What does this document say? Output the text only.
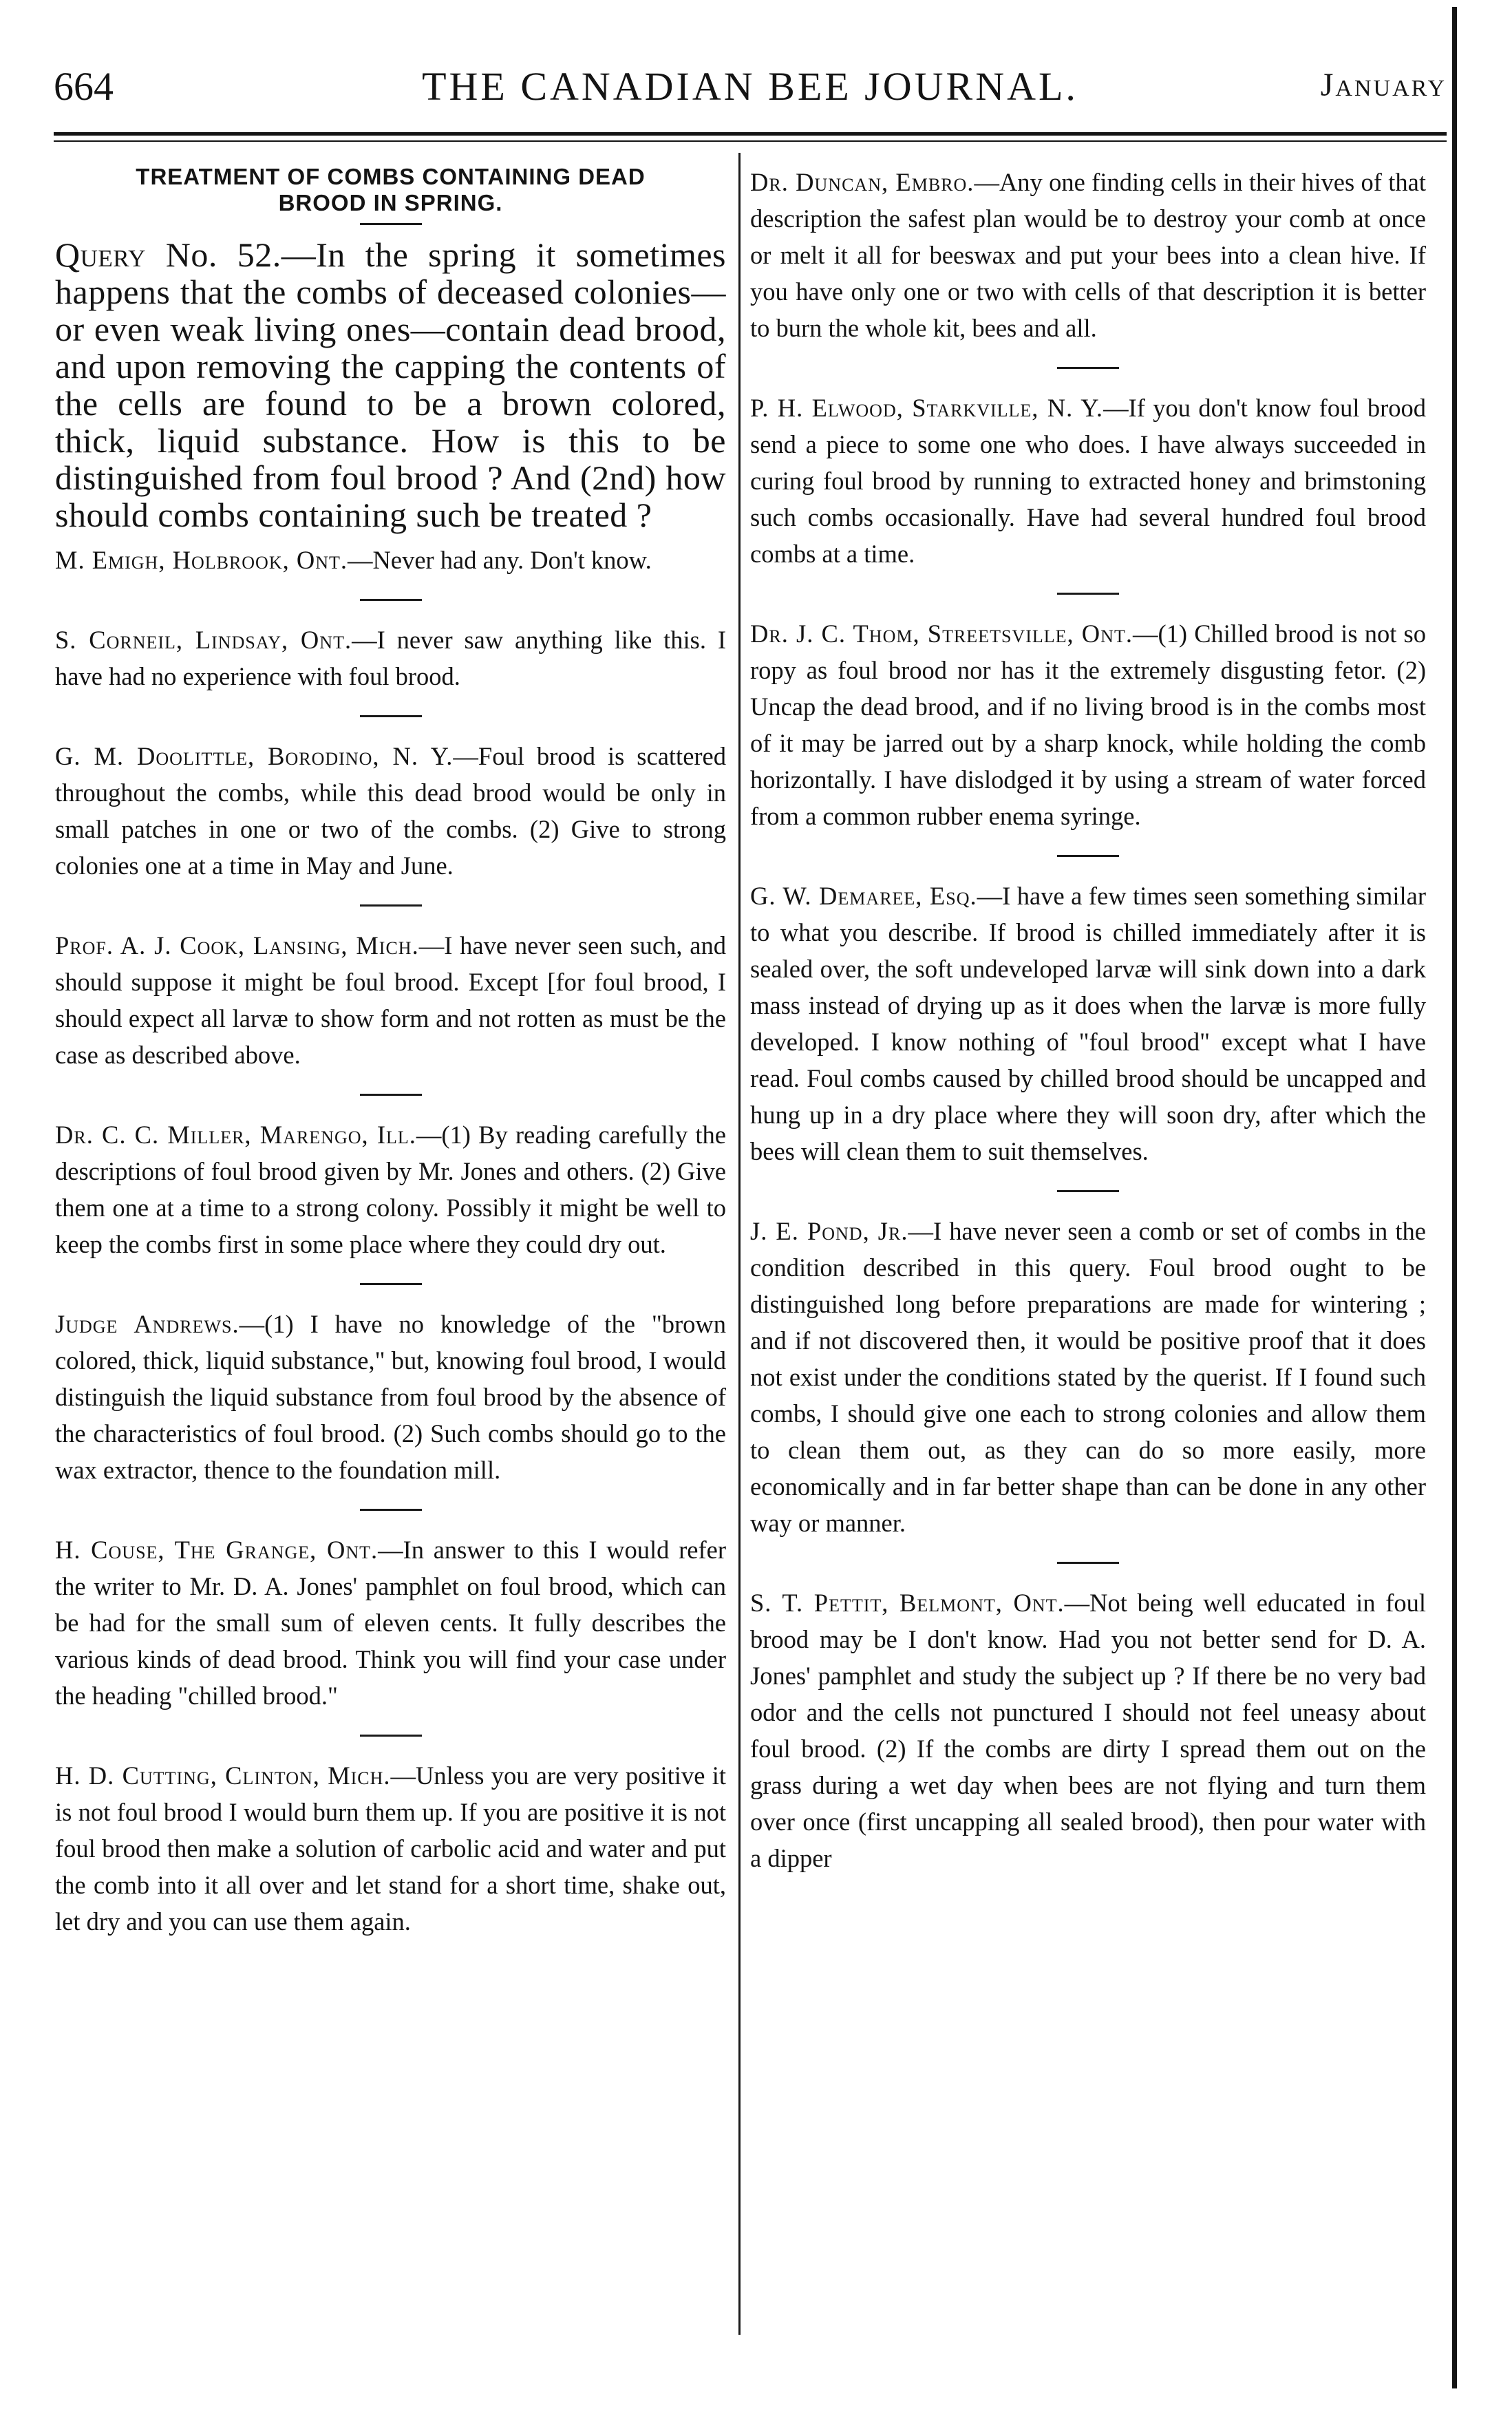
664	THE CANADIAN BEE JOURNAL.	January
TREATMENT OF COMBS CONTAINING DEAD
BROOD IN SPRING.

Query No. 52.—In the spring it sometimes happens that the combs of deceased colonies—or even weak living ones—contain dead brood, and upon removing the capping the contents of the cells are found to be a brown colored, thick, liquid substance. How is this to be distinguished from foul brood ? And (2nd) how should combs containing such be treated ?

M. Emigh, Holbrook, Ont.—Never had any. Don't know.

S. Corneil, Lindsay, Ont.—I never saw anything like this. I have had no experience with foul brood.

G. M. Doolittle, Borodino, N. Y.—Foul brood is scattered throughout the combs, while this dead brood would be only in small patches in one or two of the combs. (2) Give to strong colonies one at a time in May and June.

Prof. A. J. Cook, Lansing, Mich.—I have never seen such, and should suppose it might be foul brood. Except [for foul brood, I should expect all larvæ to show form and not rotten as must be the case as described above.

Dr. C. C. Miller, Marengo, Ill.—(1) By reading carefully the descriptions of foul brood given by Mr. Jones and others. (2) Give them one at a time to a strong colony. Possibly it might be well to keep the combs first in some place where they could dry out.

Judge Andrews.—(1) I have no knowledge of the "brown colored, thick, liquid substance," but, knowing foul brood, I would distinguish the liquid substance from foul brood by the absence of the characteristics of foul brood. (2) Such combs should go to the wax extractor, thence to the foundation mill.

H. Couse, The Grange, Ont.—In answer to this I would refer the writer to Mr. D. A. Jones' pamphlet on foul brood, which can be had for the small sum of eleven cents. It fully describes the various kinds of dead brood. Think you will find your case under the heading "chilled brood."

H. D. Cutting, Clinton, Mich.—Unless you are very positive it is not foul brood I would burn them up. If you are positive it is not foul brood then make a solution of carbolic acid and water and put the comb into it all over and let stand for a short time, shake out, let dry and you can use them again.

Dr. Duncan, Embro.—Any one finding cells in their hives of that description the safest plan would be to destroy your comb at once or melt it all for beeswax and put your bees into a clean hive. If you have only one or two with cells of that description it is better to burn the whole kit, bees and all.

P. H. Elwood, Starkville, N. Y.—If you don't know foul brood send a piece to some one who does. I have always succeeded in curing foul brood by running to extracted honey and brimstoning such combs occasionally. Have had several hundred foul brood combs at a time.

Dr. J. C. Thom, Streetsville, Ont.—(1) Chilled brood is not so ropy as foul brood nor has it the extremely disgusting fetor. (2) Uncap the dead brood, and if no living brood is in the combs most of it may be jarred out by a sharp knock, while holding the comb horizontally. I have dislodged it by using a stream of water forced from a common rubber enema syringe.

G. W. Demaree, Esq.—I have a few times seen something similar to what you describe. If brood is chilled immediately after it is sealed over, the soft undeveloped larvæ will sink down into a dark mass instead of drying up as it does when the larvæ is more fully developed. I know nothing of "foul brood" except what I have read. Foul combs caused by chilled brood should be uncapped and hung up in a dry place where they will soon dry, after which the bees will clean them to suit themselves.

J. E. Pond, Jr.—I have never seen a comb or set of combs in the condition described in this query. Foul brood ought to be distinguished long before preparations are made for wintering ; and if not discovered then, it would be positive proof that it does not exist under the conditions stated by the querist. If I found such combs, I should give one each to strong colonies and allow them to clean them out, as they can do so more easily, more economically and in far better shape than can be done in any other way or manner.

S. T. Pettit, Belmont, Ont.—Not being well educated in foul brood may be I don't know. Had you not better send for D. A. Jones' pamphlet and study the subject up ? If there be no very bad odor and the cells not punctured I should not feel uneasy about foul brood. (2) If the combs are dirty I spread them out on the grass during a wet day when bees are not flying and turn them over once (first uncapping all sealed brood), then pour water with a dipper
